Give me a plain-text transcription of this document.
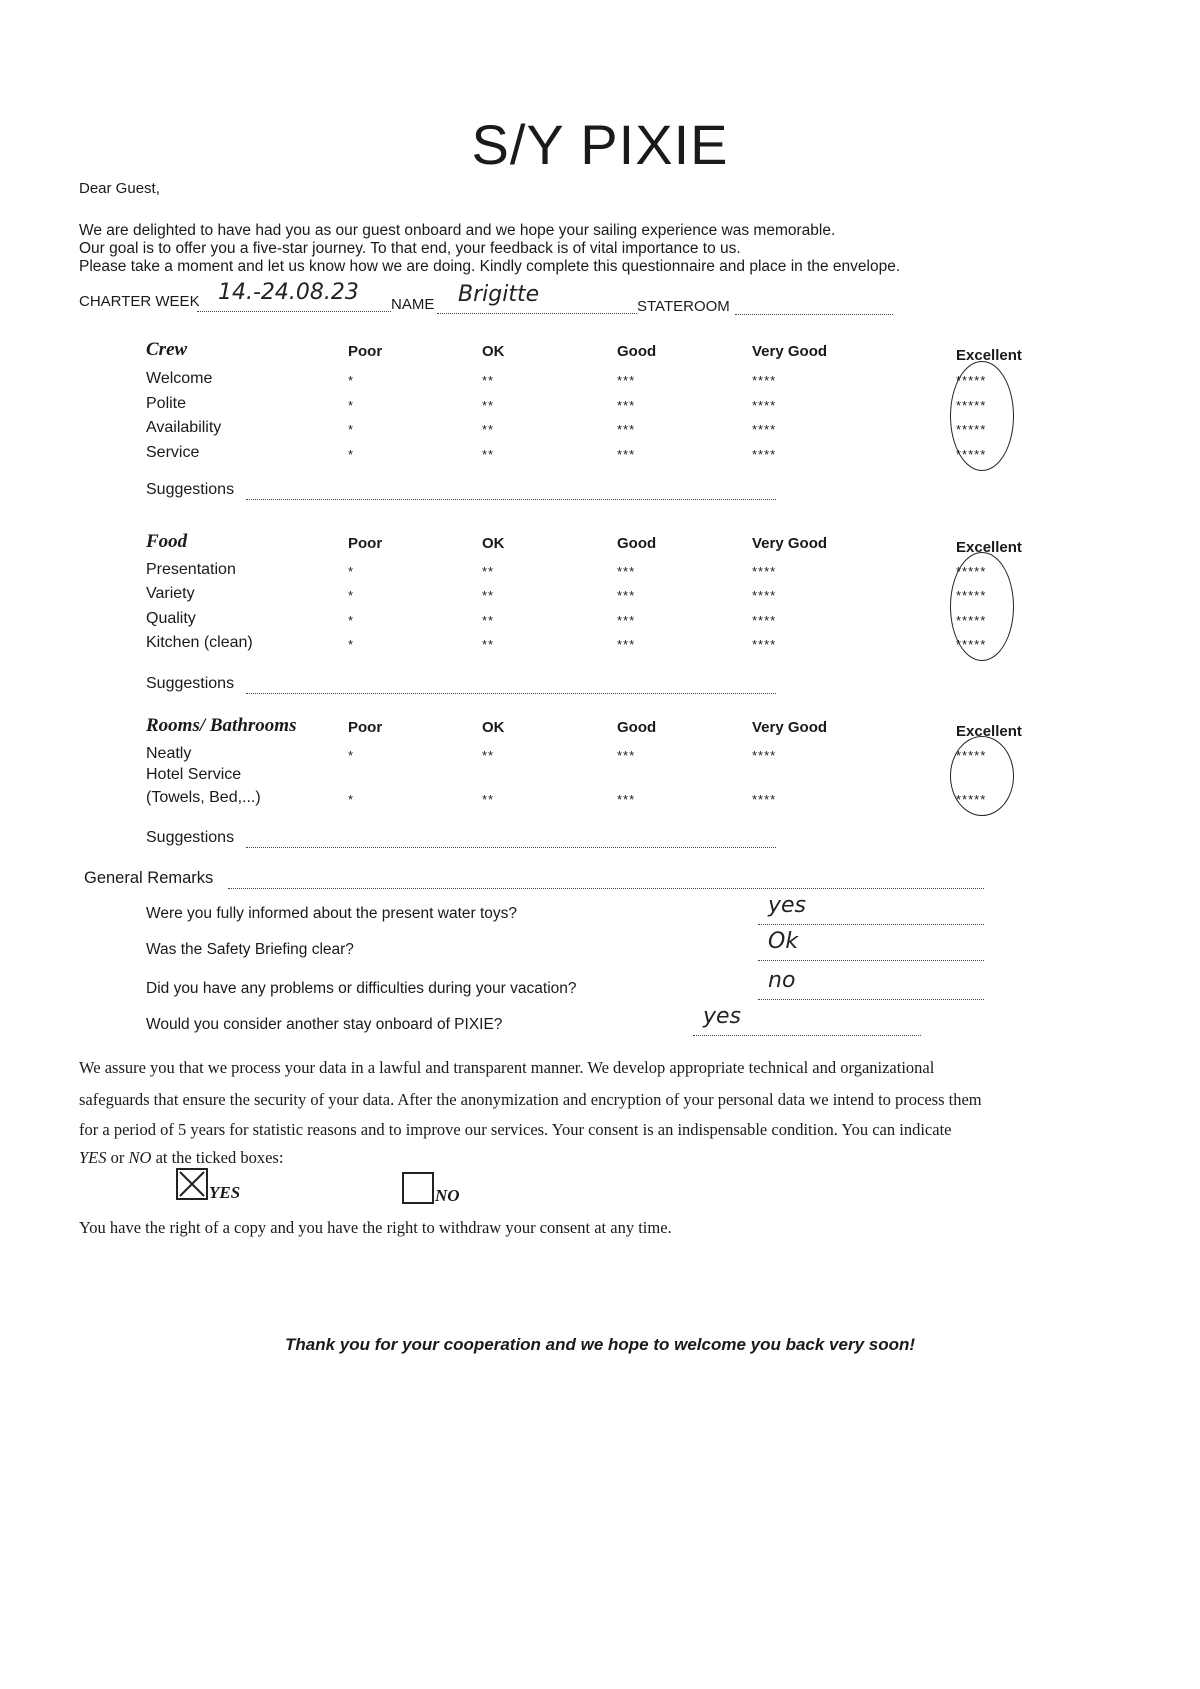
S/Y PIXIE
Dear Guest,
We are delighted to have had you as our guest onboard and we hope your sailing experience was memorable.
Our goal is to offer you a five-star journey. To that end, your feedback is of vital importance to us.
Please take a moment and let us know how we are doing. Kindly complete this questionnaire and place in the envelope.
CHARTER WEEK 14.-24.08.23 NAME Brigitte	STATEROOM
Crew	Poor	OK	Good	Very Good	Excellent
Welcome	*	**	***	****	*****
Polite	*	**	***	****	*****
Availability	*	**	***	****	*****
Service	*	**	***	****	*****
Suggestions
Food	Poor	OK	Good	Very Good	Excellent
Presentation	*	**	***	****	*****
Variety	*	**	***	****	*****
Quality	*	**	***	****	*****
Kitchen (clean)	*	**	***	****	*****
Suggestions
Rooms/ Bathrooms	Poor	OK	Good	Very Good	Excellent
Neatly	*	**	***	****	*****
Hotel Service
(Towels, Bed,...)	*	**	***	****	*****
Suggestions
General Remarks
Were you fully informed about the present water toys?	yes
Was the Safety Briefing clear?	Ok
Did you have any problems or difficulties during your vacation?	no
Would you consider another stay onboard of PIXIE?	yes
We assure you that we process your data in a lawful and transparent manner. We develop appropriate technical and organizational
safeguards that ensure the security of your data. After the anonymization and encryption of your personal data we intend to process them
for a period of 5 years for statistic reasons and to improve our services. Your consent is an indispensable condition. You can indicate
YES or NO at the ticked boxes:
YES	NO
You have the right of a copy and you have the right to withdraw your consent at any time.
Thank you for your cooperation and we hope to welcome you back very soon!
